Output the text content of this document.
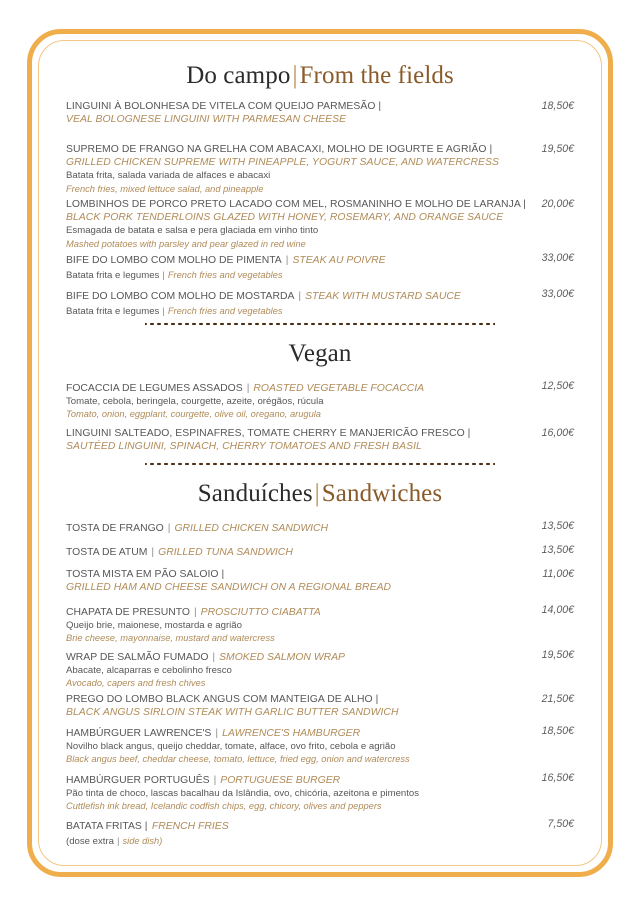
Do campo|From the fields
LINGUINI À BOLONHESA DE VITELA COM QUEIJO PARMESÃO |
VEAL BOLOGNESE LINGUINI WITH PARMESAN CHEESE
18,50€
SUPREMO DE FRANGO NA GRELHA COM ABACAXI, MOLHO DE IOGURTE E AGRIÃO |
GRILLED CHICKEN SUPREME WITH PINEAPPLE, YOGURT SAUCE, AND WATERCRESS
Batata frita, salada variada de alfaces e abacaxi
French fries, mixed lettuce salad, and pineapple
19,50€
LOMBINHOS DE PORCO PRETO LACADO COM MEL, ROSMANINHO E MOLHO DE LARANJA |
BLACK PORK TENDERLOINS GLAZED WITH HONEY, ROSEMARY, AND ORANGE SAUCE
Esmagada de batata e salsa e pera glaciada em vinho tinto
Mashed potatoes with parsley and pear glazed in red wine
20,00€
BIFE DO LOMBO COM MOLHO DE PIMENTA | STEAK AU POIVRE
Batata frita e legumes | French fries and vegetables
33,00€
BIFE DO LOMBO COM MOLHO DE MOSTARDA | STEAK WITH MUSTARD SAUCE
Batata frita e legumes | French fries and vegetables
33,00€
Vegan
FOCACCIA DE LEGUMES ASSADOS | ROASTED VEGETABLE FOCACCIA
Tomate, cebola, beringela, courgette, azeite, orégãos, rúcula
Tomato, onion, eggplant, courgette, olive oil, oregano, arugula
12,50€
LINGUINI SALTEADO, ESPINAFRES, TOMATE CHERRY E MANJERICÃO FRESCO |
SAUTÉED LINGUINI, SPINACH, CHERRY TOMATOES AND FRESH BASIL
16,00€
Sanduíches|Sandwiches
TOSTA DE FRANGO | GRILLED CHICKEN SANDWICH	13,50€
TOSTA DE ATUM | GRILLED TUNA SANDWICH	13,50€
TOSTA MISTA EM PÃO SALOIO |
GRILLED HAM AND CHEESE SANDWICH ON A REGIONAL BREAD
11,00€
CHAPATA DE PRESUNTO | PROSCIUTTO CIABATTA
Queijo brie, maionese, mostarda e agrião
Brie cheese, mayonnaise, mustard and watercress
14,00€
WRAP DE SALMÃO FUMADO | SMOKED SALMON WRAP
Abacate, alcaparras e cebolinho fresco
Avocado, capers and fresh chives
19,50€
PREGO DO LOMBO BLACK ANGUS COM MANTEIGA DE ALHO |
BLACK ANGUS SIRLOIN STEAK WITH GARLIC BUTTER SANDWICH
21,50€
HAMBÚRGUER LAWRENCE'S | LAWRENCE'S HAMBURGER
Novilho black angus, queijo cheddar, tomate, alface, ovo frito, cebola e agrião
Black angus beef, cheddar cheese, tomato, lettuce, fried egg, onion and watercress
18,50€
HAMBÚRGUER PORTUGUÊS | PORTUGUESE BURGER
Pão tinta de choco, lascas bacalhau da Islândia, ovo, chicória, azeitona e pimentos
Cuttlefish ink bread, Icelandic codfish chips, egg, chicory, olives and peppers
16,50€
BATATA FRITAS | FRENCH FRIES
(dose extra | side dish)
7,50€
